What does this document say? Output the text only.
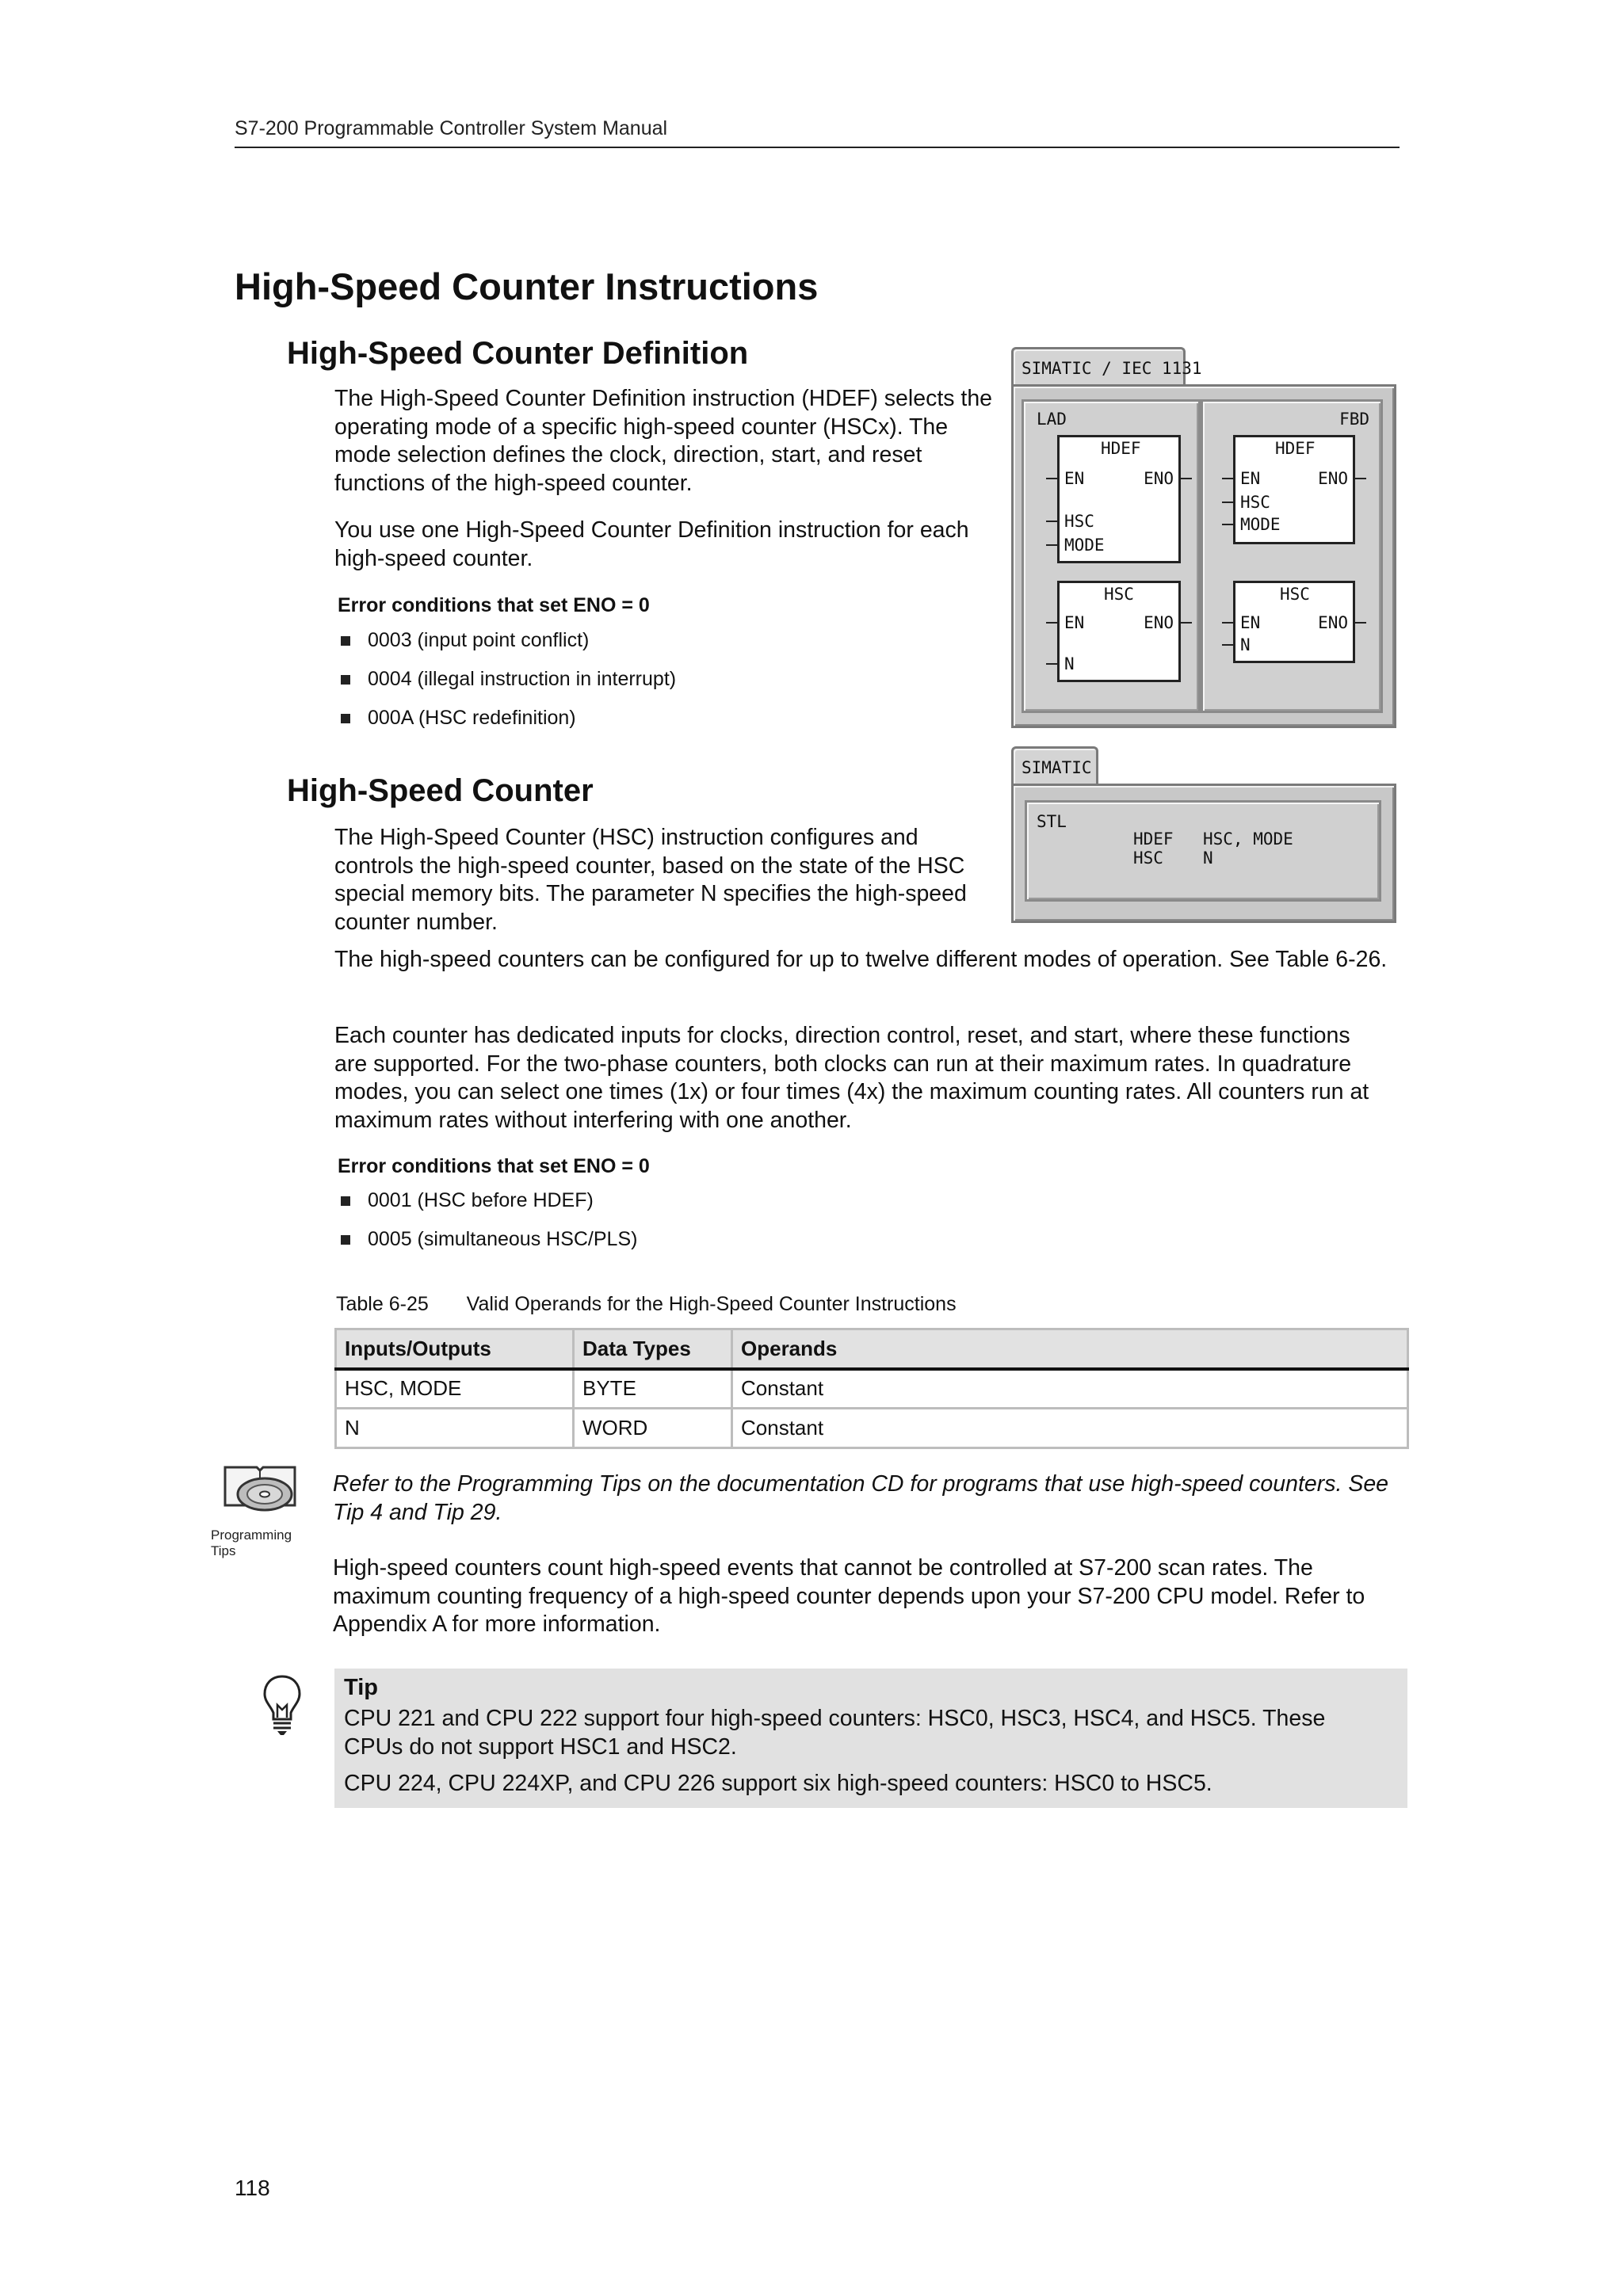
S7-200 Programmable Controller System Manual
High-Speed Counter Instructions
High-Speed Counter Definition
The High-Speed Counter Definition instruction (HDEF) selects the operating mode of a specific high-speed counter (HSCx). The mode selection defines the clock, direction, start, and reset functions of the high-speed counter.
You use one High-Speed Counter Definition instruction for each high-speed counter.
Error conditions that set ENO = 0
0003 (input point conflict)
0004 (illegal instruction in interrupt)
000A (HSC redefinition)
SIMATIC / IEC 1131
LAD
HDEF
EN	ENO
HSC
MODE
HSC
EN	ENO
N
FBD
HDEF
EN	ENO
HSC
MODE
HSC
EN	ENO
N
SIMATIC
STL
HDEF HSC, MODE
HSC N
High-Speed Counter
The High-Speed Counter (HSC) instruction configures and controls the high-speed counter, based on the state of the HSC special memory bits. The parameter N specifies the high-speed counter number.
The high-speed counters can be configured for up to twelve different modes of operation. See Table 6-26.
Each counter has dedicated inputs for clocks, direction control, reset, and start, where these functions are supported. For the two-phase counters, both clocks can run at their maximum rates. In quadrature modes, you can select one times (1x) or four times (4x) the maximum counting rates. All counters run at maximum rates without interfering with one another.
Error conditions that set ENO = 0
0001 (HSC before HDEF)
0005 (simultaneous HSC/PLS)
Table 6-25 Valid Operands for the High-Speed Counter Instructions
Inputs/Outputs	Data Types	Operands
HSC, MODE	BYTE	Constant
N	WORD	Constant
Programming Tips
Refer to the Programming Tips on the documentation CD for programs that use high-speed counters. See Tip 4 and Tip 29.
High-speed counters count high-speed events that cannot be controlled at S7-200 scan rates. The maximum counting frequency of a high-speed counter depends upon your S7-200 CPU model. Refer to Appendix A for more information.
Tip
CPU 221 and CPU 222 support four high-speed counters: HSC0, HSC3, HSC4, and HSC5. These CPUs do not support HSC1 and HSC2.
CPU 224, CPU 224XP, and CPU 226 support six high-speed counters: HSC0 to HSC5.
118
